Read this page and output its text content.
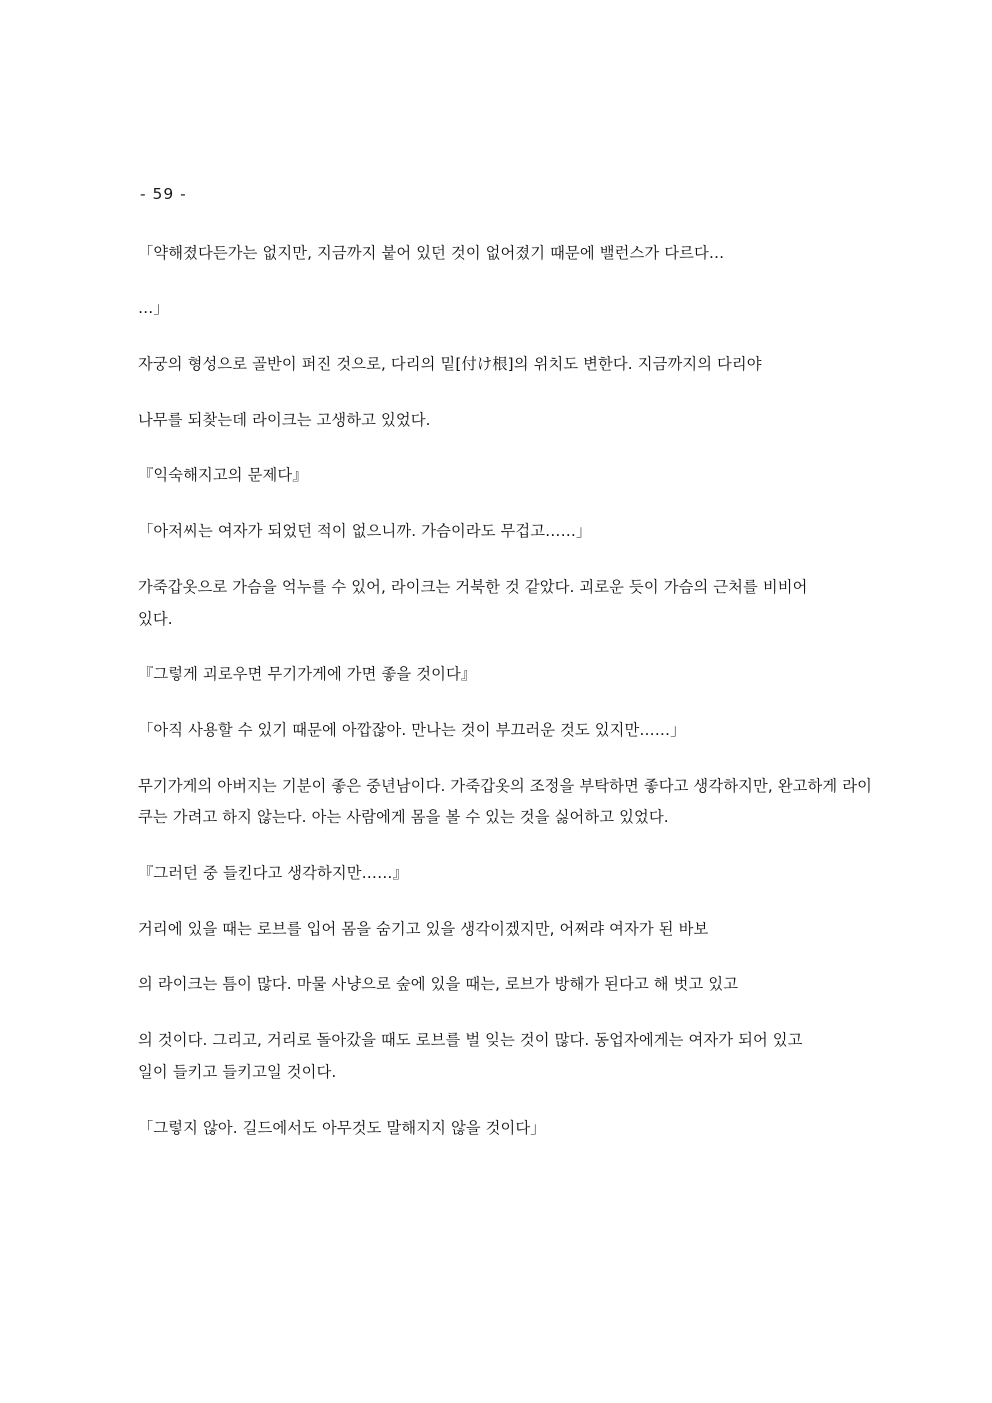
- 59 -

「약해졌다든가는 없지만, 지금까지 붙어 있던 것이 없어졌기 때문에 밸런스가 다르다…

…」

자궁의 형성으로 골반이 퍼진 것으로, 다리의 밑[付け根]의 위치도 변한다. 지금까지의 다리야

나무를 되찾는데 라이크는 고생하고 있었다.

『익숙해지고의 문제다』

「아저씨는 여자가 되었던 적이 없으니까. 가슴이라도 무겁고……」

가죽갑옷으로 가슴을 억누를 수 있어, 라이크는 거북한 것 같았다. 괴로운 듯이 가슴의 근처를 비비어

있다.

『그렇게 괴로우면 무기가게에 가면 좋을 것이다』

「아직 사용할 수 있기 때문에 아깝잖아. 만나는 것이 부끄러운 것도 있지만……」

무기가게의 아버지는 기분이 좋은 중년남이다. 가죽갑옷의 조정을 부탁하면 좋다고 생각하지만, 완고하게 라이

쿠는 가려고 하지 않는다. 아는 사람에게 몸을 볼 수 있는 것을 싫어하고 있었다.

『그러던 중 들킨다고 생각하지만……』

거리에 있을 때는 로브를 입어 몸을 숨기고 있을 생각이겠지만, 어쩌랴 여자가 된 바보

의 라이크는 틈이 많다. 마물 사냥으로 숲에 있을 때는, 로브가 방해가 된다고 해 벗고 있고

의 것이다. 그리고, 거리로 돌아갔을 때도 로브를 벌 잊는 것이 많다. 동업자에게는 여자가 되어 있고

일이 들키고 들키고일 것이다.

「그렇지 않아. 길드에서도 아무것도 말해지지 않을 것이다」
